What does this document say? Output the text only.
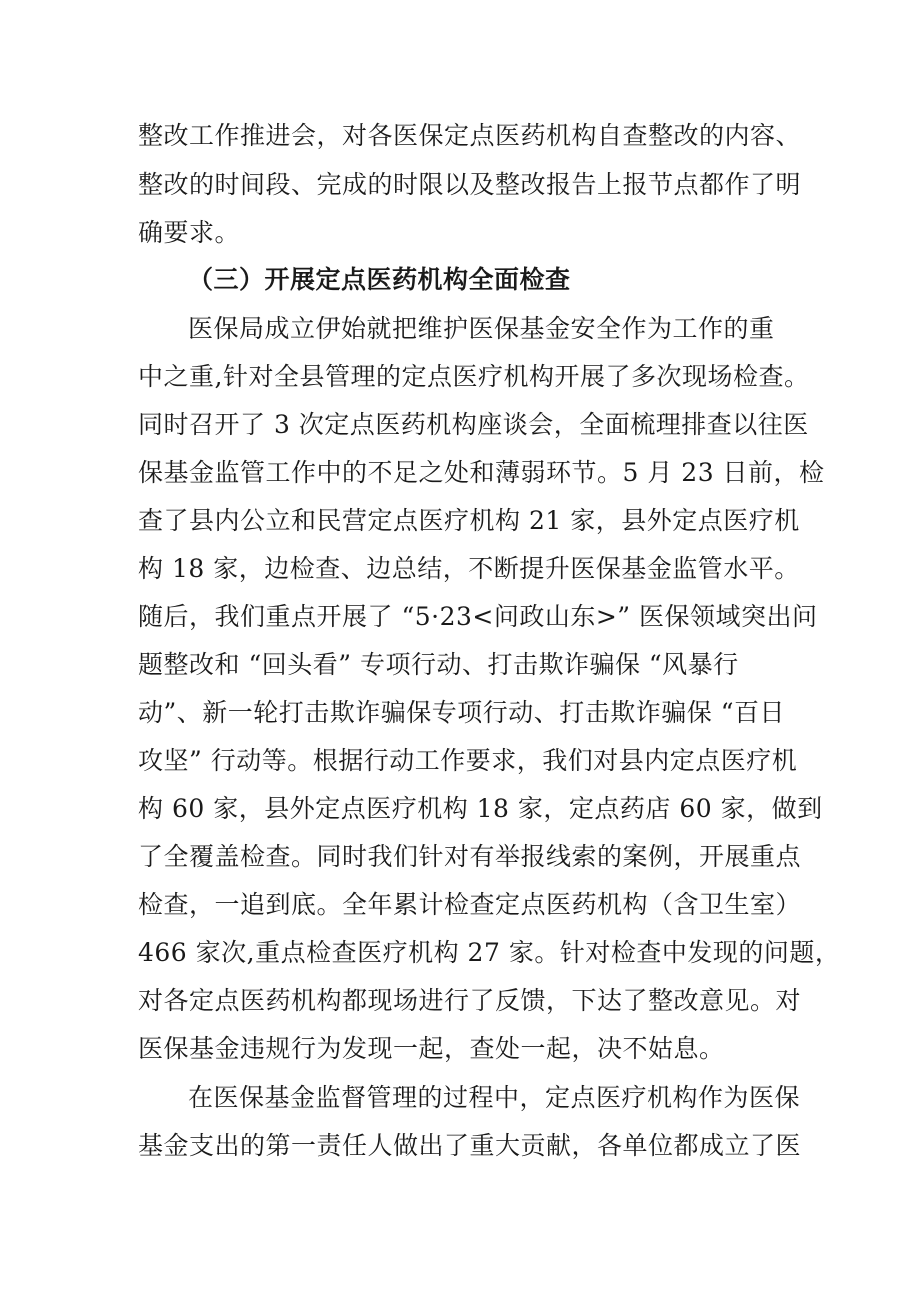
整改工作推进会，对各医保定点医药机构自查整改的内容、
整改的时间段、完成的时限以及整改报告上报节点都作了明
确要求。
（三）开展定点医药机构全面检查
医保局成立伊始就把维护医保基金安全作为工作的重
中之重,针对全县管理的定点医疗机构开展了多次现场检查。
同时召开了 3 次定点医药机构座谈会，全面梳理排查以往医
保基金监管工作中的不足之处和薄弱环节。5 月 23 日前，检
查了县内公立和民营定点医疗机构 21 家，县外定点医疗机
构 18 家，边检查、边总结，不断提升医保基金监管水平。
随后，我们重点开展了 “5·23<问政山东>” 医保领域突出问
题整改和 “回头看” 专项行动、打击欺诈骗保 “风暴行
动”、新一轮打击欺诈骗保专项行动、打击欺诈骗保 “百日
攻坚” 行动等。根据行动工作要求，我们对县内定点医疗机
构 60 家，县外定点医疗机构 18 家，定点药店 60 家，做到
了全覆盖检查。同时我们针对有举报线索的案例，开展重点
检查，一追到底。全年累计检查定点医药机构（含卫生室）
466 家次,重点检查医疗机构 27 家。针对检查中发现的问题，
对各定点医药机构都现场进行了反馈，下达了整改意见。对
医保基金违规行为发现一起，查处一起，决不姑息。
在医保基金监督管理的过程中，定点医疗机构作为医保
基金支出的第一责任人做出了重大贡献，各单位都成立了医
